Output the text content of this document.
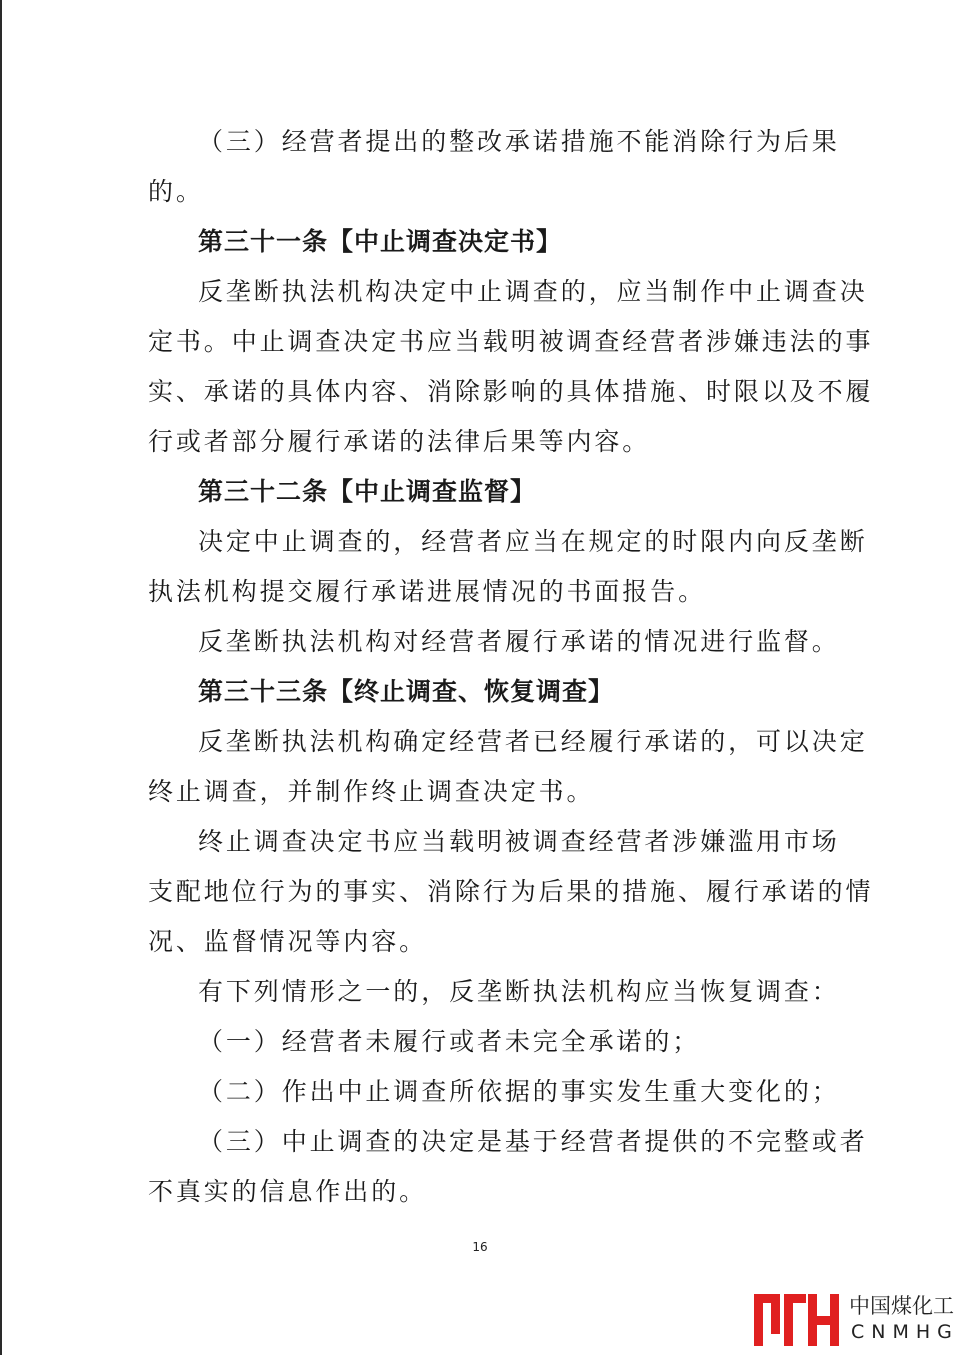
（三）经营者提出的整改承诺措施不能消除行为后果

的。

第三十一条【中止调查决定书】

反垄断执法机构决定中止调查的，应当制作中止调查决

定书。中止调查决定书应当载明被调查经营者涉嫌违法的事

实、承诺的具体内容、消除影响的具体措施、时限以及不履

行或者部分履行承诺的法律后果等内容。

第三十二条【中止调查监督】

决定中止调查的，经营者应当在规定的时限内向反垄断

执法机构提交履行承诺进展情况的书面报告。

反垄断执法机构对经营者履行承诺的情况进行监督。

第三十三条【终止调查、恢复调查】

反垄断执法机构确定经营者已经履行承诺的，可以决定

终止调查，并制作终止调查决定书。

终止调查决定书应当载明被调查经营者涉嫌滥用市场

支配地位行为的事实、消除行为后果的措施、履行承诺的情

况、监督情况等内容。

有下列情形之一的，反垄断执法机构应当恢复调查：

（一）经营者未履行或者未完全承诺的；

（二）作出中止调查所依据的事实发生重大变化的；

（三）中止调查的决定是基于经营者提供的不完整或者

不真实的信息作出的。

16
中国煤化工
CNMHG
